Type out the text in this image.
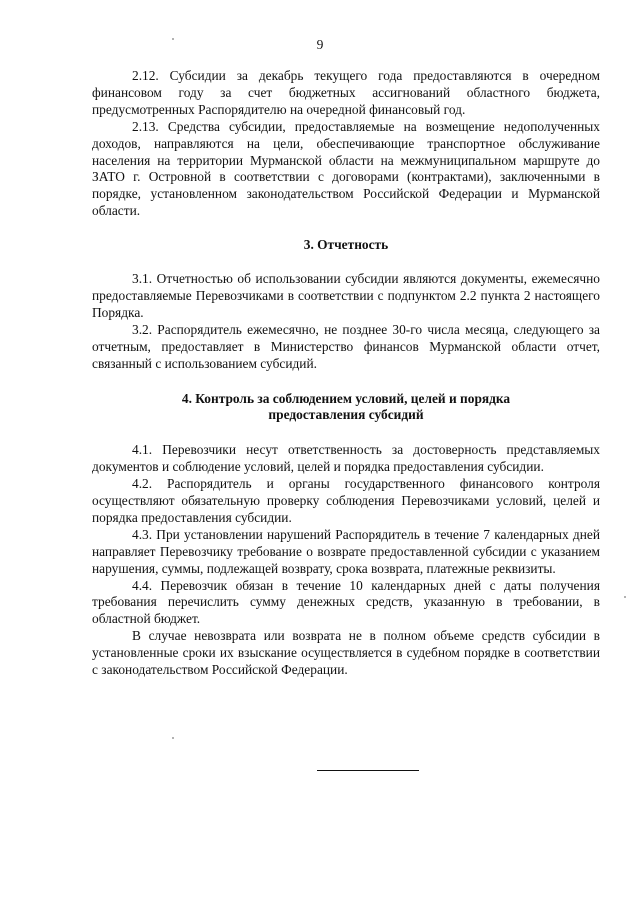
9

2.12. Субсидии за декабрь текущего года предоставляются в очередном финансовом году за счет бюджетных ассигнований областного бюджета, предусмотренных Распорядителю на очередной финансовый год.

2.13. Средства субсидии, предоставляемые на возмещение недополученных доходов, направляются на цели, обеспечивающие транспортное обслуживание населения на территории Мурманской области на межмуниципальном маршруте до ЗАТО г. Островной в соответствии с договорами (контрактами), заключенными в порядке, установленном законодательством Российской Федерации и Мурманской области.

3. Отчетность

3.1. Отчетностью об использовании субсидии являются документы, ежемесячно предоставляемые Перевозчиками в соответствии с подпунктом 2.2 пункта 2 настоящего Порядка.

3.2. Распорядитель ежемесячно, не позднее 30-го числа месяца, следующего за отчетным, предоставляет в Министерство финансов Мурманской области отчет, связанный с использованием субсидий.

4. Контроль за соблюдением условий, целей и порядка
предоставления субсидий

4.1. Перевозчики несут ответственность за достоверность представляемых документов и соблюдение условий, целей и порядка предоставления субсидии.

4.2. Распорядитель и органы государственного финансового контроля осуществляют обязательную проверку соблюдения Перевозчиками условий, целей и порядка предоставления субсидии.

4.3. При установлении нарушений Распорядитель в течение 7 календарных дней направляет Перевозчику требование о возврате предоставленной субсидии с указанием нарушения, суммы, подлежащей возврату, срока возврата, платежные реквизиты.

4.4. Перевозчик обязан в течение 10 календарных дней с даты получения требования перечислить сумму денежных средств, указанную в требовании, в областной бюджет.

В случае невозврата или возврата не в полном объеме средств субсидии в установленные сроки их взыскание осуществляется в судебном порядке в соответствии с законодательством Российской Федерации.
